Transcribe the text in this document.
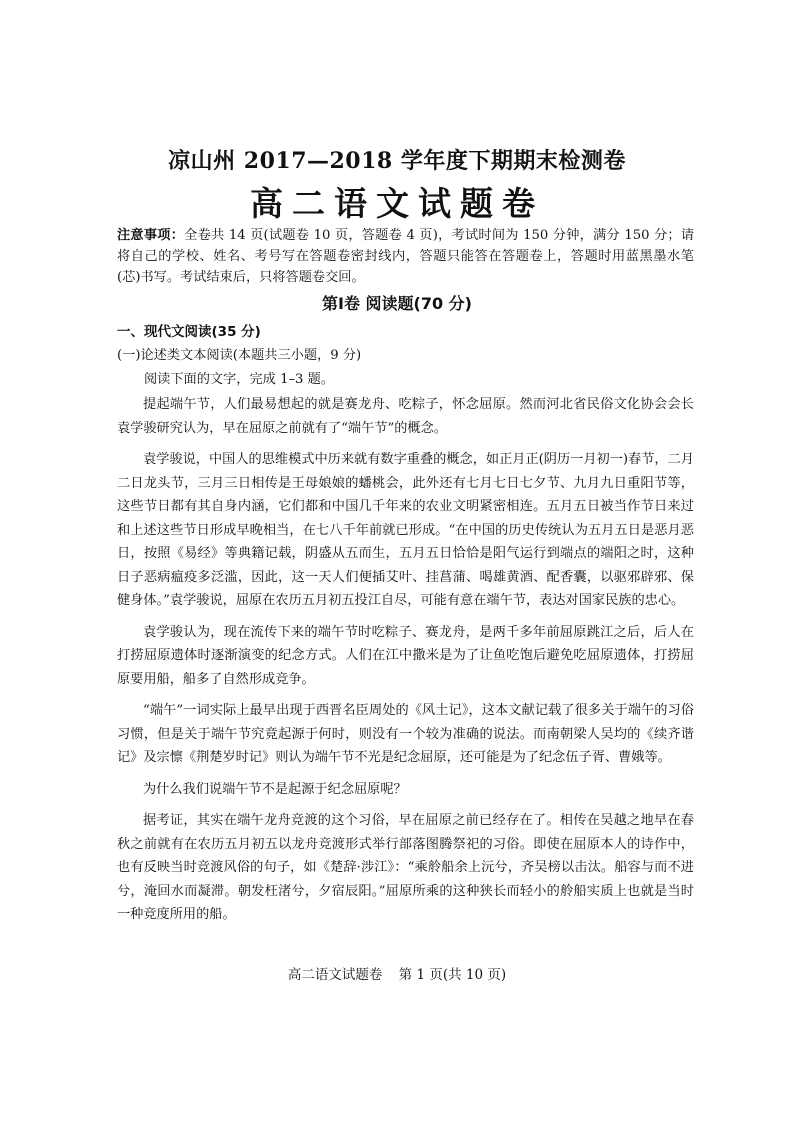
凉山州 2017—2018 学年度下期期末检测卷
高二语文试题卷
注意事项：全卷共 14 页(试题卷 10 页，答题卷 4 页)，考试时间为 150 分钟，满分 150 分；请将自己的学校、姓名、考号写在答题卷密封线内，答题只能答在答题卷上，答题时用蓝黑墨水笔(芯)书写。考试结束后，只将答题卷交回。
第Ⅰ卷 阅读题(70 分)
一、现代文阅读(35 分)
(一)论述类文本阅读(本题共三小题，9 分)
阅读下面的文字，完成 1–3 题。

提起端午节，人们最易想起的就是赛龙舟、吃粽子，怀念屈原。然而河北省民俗文化协会会长袁学骏研究认为，早在屈原之前就有了“端午节”的概念。

袁学骏说，中国人的思维模式中历来就有数字重叠的概念，如正月正(阴历一月初一)春节，二月二日龙头节，三月三日相传是王母娘娘的蟠桃会，此外还有七月七日七夕节、九月九日重阳节等，这些节日都有其自身内涵，它们都和中国几千年来的农业文明紧密相连。五月五日被当作节日来过和上述这些节日形成早晚相当，在七八千年前就已形成。“在中国的历史传统认为五月五日是恶月恶日，按照《易经》等典籍记载，阴盛从五而生，五月五日恰恰是阳气运行到端点的端阳之时，这种日子恶病瘟疫多泛滥，因此，这一天人们便插艾叶、挂菖蒲、喝雄黄酒、配香囊，以驱邪辟邪、保健身体。”袁学骏说，屈原在农历五月初五投江自尽，可能有意在端午节，表达对国家民族的忠心。

袁学骏认为，现在流传下来的端午节时吃粽子、赛龙舟，是两千多年前屈原跳江之后，后人在打捞屈原遗体时逐渐演变的纪念方式。人们在江中撒米是为了让鱼吃饱后避免吃屈原遗体，打捞屈原要用船，船多了自然形成竞争。

“端午”一词实际上最早出现于西晋名臣周处的《风土记》，这本文献记载了很多关于端午的习俗习惯，但是关于端午节究竟起源于何时，则没有一个较为准确的说法。而南朝梁人吴均的《续齐谐记》及宗懔《荆楚岁时记》则认为端午节不光是纪念屈原，还可能是为了纪念伍子胥、曹娥等。

为什么我们说端午节不是起源于纪念屈原呢？

据考证，其实在端午龙舟竞渡的这个习俗，早在屈原之前已经存在了。相传在吴越之地早在春秋之前就有在农历五月初五以龙舟竞渡形式举行部落图腾祭祀的习俗。即使在屈原本人的诗作中，也有反映当时竞渡风俗的句子，如《楚辞·涉江》：“乘舲船余上沅兮，齐吴榜以击汰。船容与而不进兮，淹回水而凝滞。朝发枉渚兮，夕宿辰阳。”屈原所乘的这种狭长而轻小的舲船实质上也就是当时一种竞度所用的船。

高二语文试题卷 第 1 页(共 10 页)
